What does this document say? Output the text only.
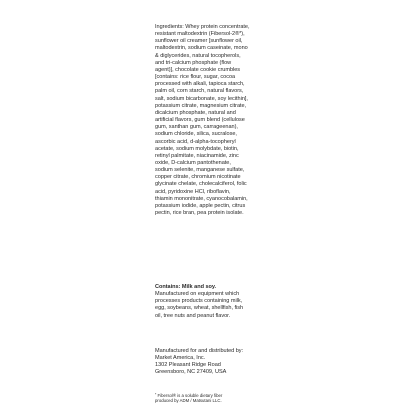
Ingredients: Whey protein concentrate,
resistant maltodextrin (Fibersol-2®*),
sunflower oil creamer [sunflower oil,
maltodextrin, sodium caseinate, mono
& diglycerides, natural tocopherols,
and tri-calcium phosphate (flow
agent)], chocolate cookie crumbles
[contains: rice flour, sugar, cocoa
processed with alkali, tapioca starch,
palm oil, corn starch, natural flavors,
salt, sodium bicarbonate, soy lecithin],
potassium citrate, magnesium citrate,
dicalcium phosphate, natural and
artificial flavors, gum blend (cellulose
gum, xanthan gum, carrageenan),
sodium chloride, silica, sucralose,
ascorbic acid, d-alpha-tocopheryl
acetate, sodium molybdate, biotin,
retinyl palmitate, niacinamide, zinc
oxide, D-calcium pantothenate,
sodium selenite, manganese sulfate,
copper citrate, chromium nicotinate
glycinate chelate, cholecalciferol, folic
acid, pyridoxine HCl, riboflavin,
thiamin mononitrate, cyanocobalamin,
potassium iodide, apple pectin, citrus
pectin, rice bran, pea protein isolate.
Contains: Milk and soy.
Manufactured on equipment which
processes products containing milk,
egg, soybeans, wheat, shellfish, fish
oil, tree nuts and peanut flavor.
Manufactured for and distributed by:
Market America, Inc.
1302 Pleasant Ridge Road
Greensboro, NC 27409, USA
* Fibersol® is a soluble dietary fiber
produced by ADM / Matsutani LLC.
